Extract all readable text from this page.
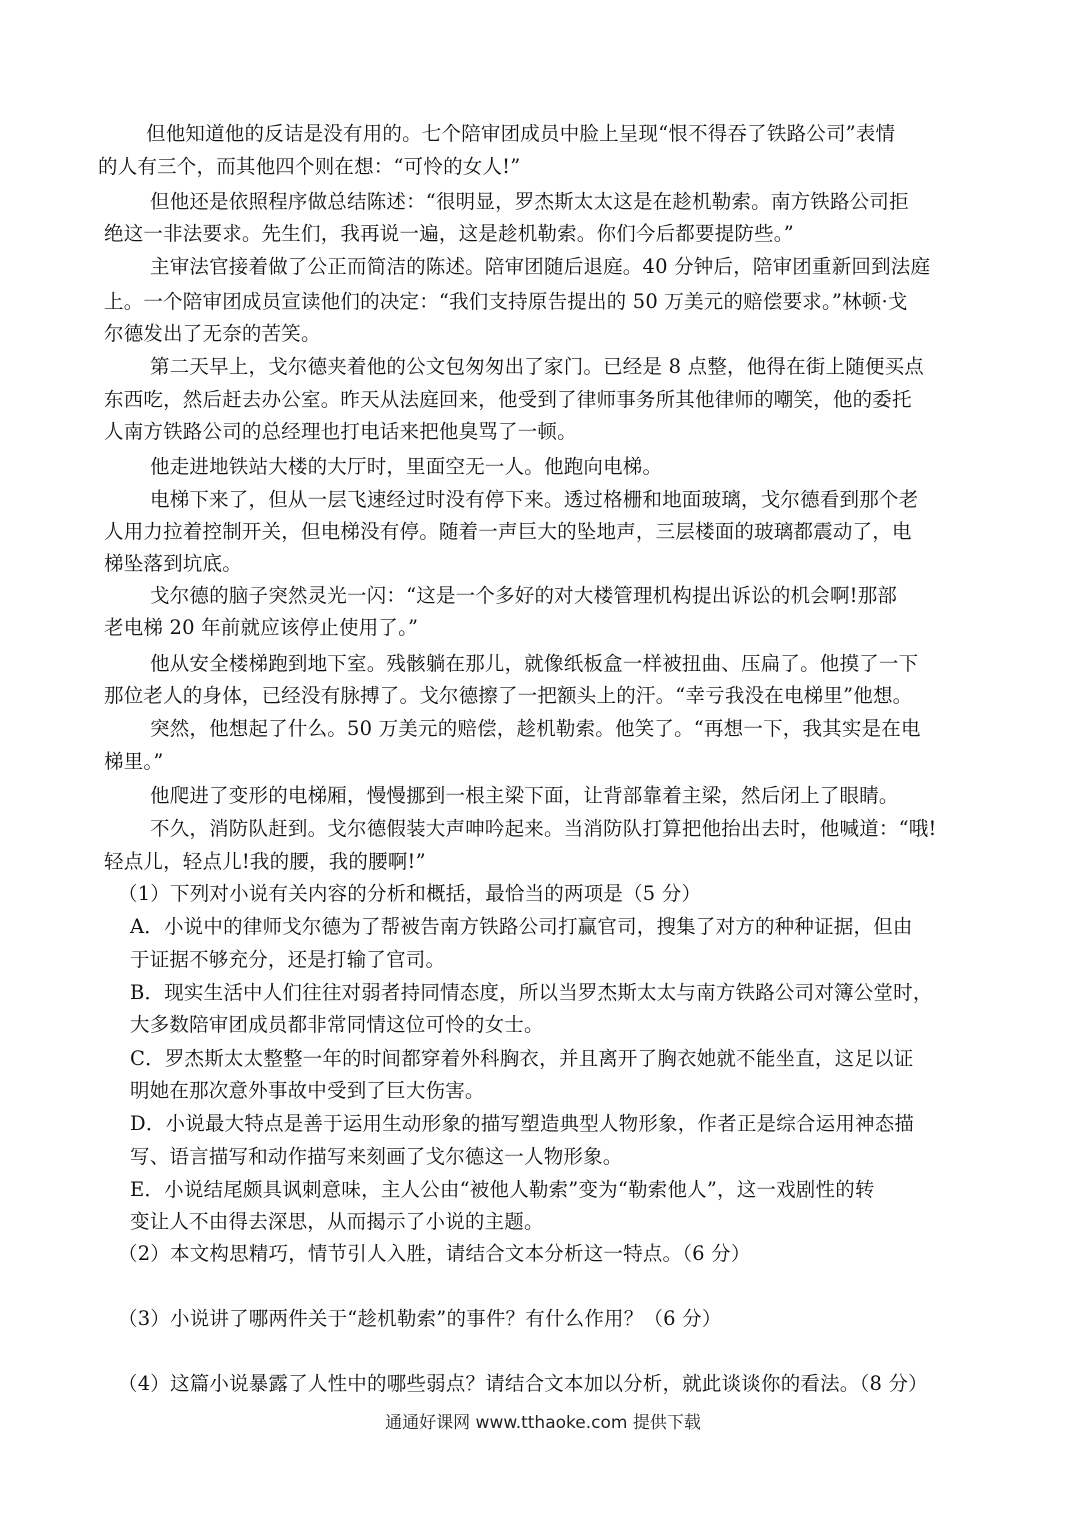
但他知道他的反诘是没有用的。七个陪审团成员中脸上呈现“恨不得吞了铁路公司”表情
的人有三个，而其他四个则在想：“可怜的女人!”
但他还是依照程序做总结陈述：“很明显，罗杰斯太太这是在趁机勒索。南方铁路公司拒
绝这一非法要求。先生们，我再说一遍，这是趁机勒索。你们今后都要提防些。”
主审法官接着做了公正而简洁的陈述。陪审团随后退庭。40 分钟后，陪审团重新回到法庭
上。一个陪审团成员宣读他们的决定：“我们支持原告提出的 50 万美元的赔偿要求。”林顿·戈
尔德发出了无奈的苦笑。
第二天早上，戈尔德夹着他的公文包匆匆出了家门。已经是 8 点整，他得在街上随便买点
东西吃，然后赶去办公室。昨天从法庭回来，他受到了律师事务所其他律师的嘲笑，他的委托
人南方铁路公司的总经理也打电话来把他臭骂了一顿。
他走进地铁站大楼的大厅时，里面空无一人。他跑向电梯。
电梯下来了，但从一层飞速经过时没有停下来。透过格栅和地面玻璃，戈尔德看到那个老
人用力拉着控制开关，但电梯没有停。随着一声巨大的坠地声，三层楼面的玻璃都震动了，电
梯坠落到坑底。
戈尔德的脑子突然灵光一闪：“这是一个多好的对大楼管理机构提出诉讼的机会啊!那部
老电梯 20 年前就应该停止使用了。”
他从安全楼梯跑到地下室。残骸躺在那儿，就像纸板盒一样被扭曲、压扁了。他摸了一下
那位老人的身体，已经没有脉搏了。戈尔德擦了一把额头上的汗。“幸亏我没在电梯里”他想。
突然，他想起了什么。50 万美元的赔偿，趁机勒索。他笑了。“再想一下，我其实是在电
梯里。”
他爬进了变形的电梯厢，慢慢挪到一根主梁下面，让背部靠着主梁，然后闭上了眼睛。
不久，消防队赶到。戈尔德假装大声呻吟起来。当消防队打算把他抬出去时，他喊道：“哦!
轻点儿，轻点儿!我的腰，我的腰啊!”
（1）下列对小说有关内容的分析和概括，最恰当的两项是（5 分）
A．小说中的律师戈尔德为了帮被告南方铁路公司打赢官司，搜集了对方的种种证据，但由
于证据不够充分，还是打输了官司。
B．现实生活中人们往往对弱者持同情态度，所以当罗杰斯太太与南方铁路公司对簿公堂时，
大多数陪审团成员都非常同情这位可怜的女士。
C．罗杰斯太太整整一年的时间都穿着外科胸衣，并且离开了胸衣她就不能坐直，这足以证
明她在那次意外事故中受到了巨大伤害。
D．小说最大特点是善于运用生动形象的描写塑造典型人物形象，作者正是综合运用神态描
写、语言描写和动作描写来刻画了戈尔德这一人物形象。
E．小说结尾颇具讽刺意味，主人公由“被他人勒索”变为“勒索他人”，这一戏剧性的转
变让人不由得去深思，从而揭示了小说的主题。
（2）本文构思精巧，情节引人入胜，请结合文本分析这一特点。（6 分）
（3）小说讲了哪两件关于“趁机勒索”的事件？有什么作用？（6 分）
（4）这篇小说暴露了人性中的哪些弱点？请结合文本加以分析，就此谈谈你的看法。（8 分）
通通好课网 www.tthaoke.com 提供下载
